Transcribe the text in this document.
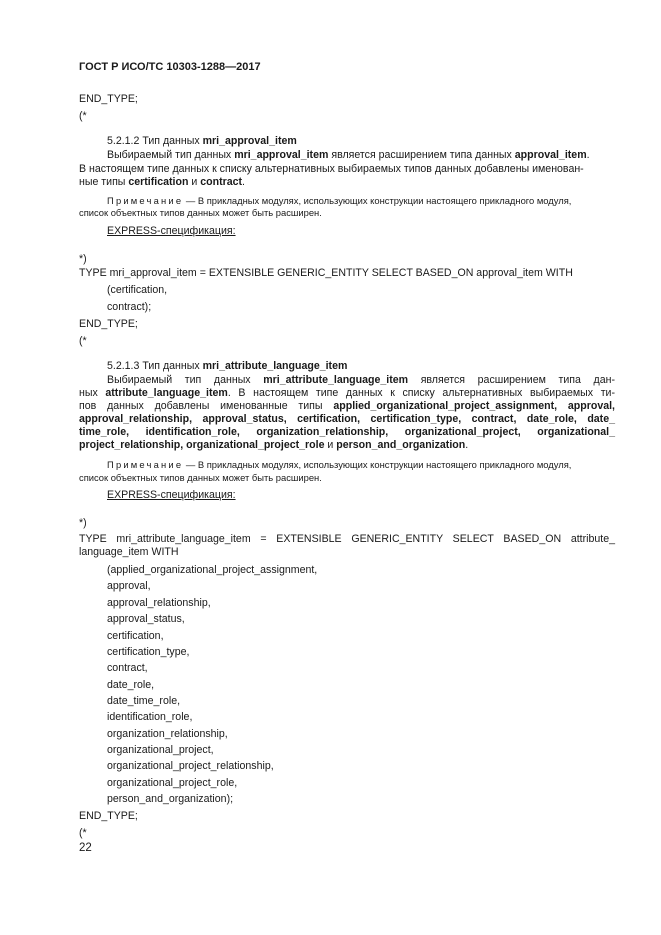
ГОСТ Р ИСО/ТС 10303-1288—2017
END_TYPE;
(*
5.2.1.2 Тип данных mri_approval_item
Выбираемый тип данных mri_approval_item является расширением типа данных approval_item.
В настоящем типе данных к списку альтернативных выбираемых типов данных добавлены именован-
ные типы certification и contract.
Примечание — В прикладных модулях, использующих конструкции настоящего прикладного модуля,
список объектных типов данных может быть расширен.
EXPRESS-спецификация:
*)
TYPE mri_approval_item = EXTENSIBLE GENERIC_ENTITY SELECT BASED_ON approval_item WITH
(certification,
contract);
END_TYPE;
(*
5.2.1.3 Тип данных mri_attribute_language_item
Выбираемый тип данных mri_attribute_language_item является расширением типа дан-
ных attribute_language_item. В настоящем типе данных к списку альтернативных выбираемых ти-
пов данных добавлены именованные типы applied_organizational_project_assignment, approval,
approval_relationship, approval_status, certification, certification_type, contract, date_role, date_
time_role, identification_role, organization_relationship, organizational_project, organizational_
project_relationship, organizational_project_role и person_and_organization.
Примечание — В прикладных модулях, использующих конструкции настоящего прикладного модуля,
список объектных типов данных может быть расширен.
EXPRESS-спецификация:
*)
TYPE mri_attribute_language_item = EXTENSIBLE GENERIC_ENTITY SELECT BASED_ON attribute_
language_item WITH
(applied_organizational_project_assignment,
approval,
approval_relationship,
approval_status,
certification,
certification_type,
contract,
date_role,
date_time_role,
identification_role,
organization_relationship,
organizational_project,
organizational_project_relationship,
organizational_project_role,
person_and_organization);
END_TYPE;
(*
22
